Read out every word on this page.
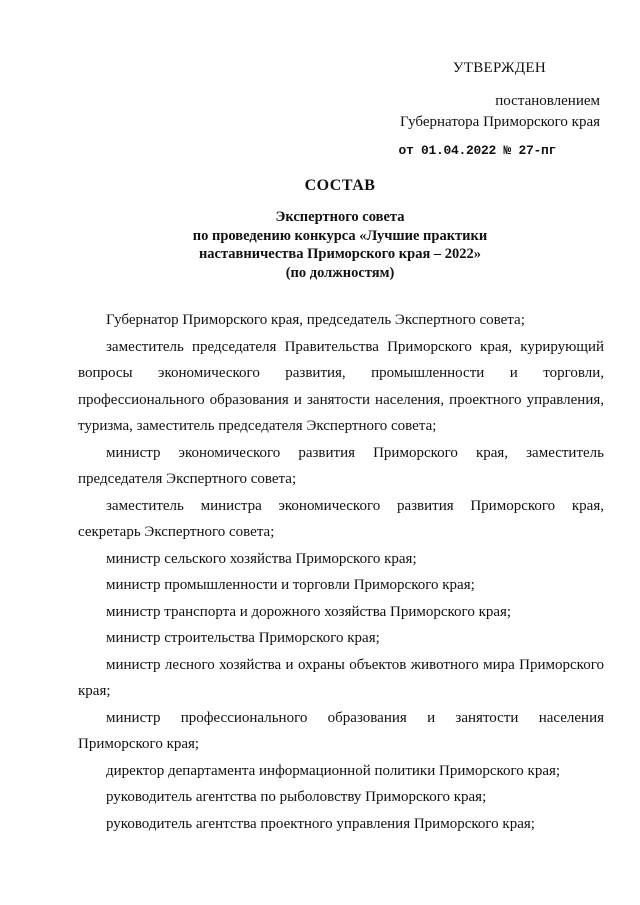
УТВЕРЖДЕН
постановлением
Губернатора Приморского края
от 01.04.2022 № 27-пг
СОСТАВ
Экспертного совета
по проведению конкурса «Лучшие практики
наставничества Приморского края – 2022»
(по должностям)

Губернатор Приморского края, председатель Экспертного совета;

заместитель председателя Правительства Приморского края, курирующий вопросы экономического развития, промышленности и торговли, профессионального образования и занятости населения, проектного управления, туризма, заместитель председателя Экспертного совета;

министр экономического развития Приморского края, заместитель председателя Экспертного совета;

заместитель министра экономического развития Приморского края, секретарь Экспертного совета;

министр сельского хозяйства Приморского края;

министр промышленности и торговли Приморского края;

министр транспорта и дорожного хозяйства Приморского края;

министр строительства Приморского края;

министр лесного хозяйства и охраны объектов животного мира Приморского края;

министр профессионального образования и занятости населения Приморского края;

директор департамента информационной политики Приморского края;

руководитель агентства по рыболовству Приморского края;

руководитель агентства проектного управления Приморского края;
